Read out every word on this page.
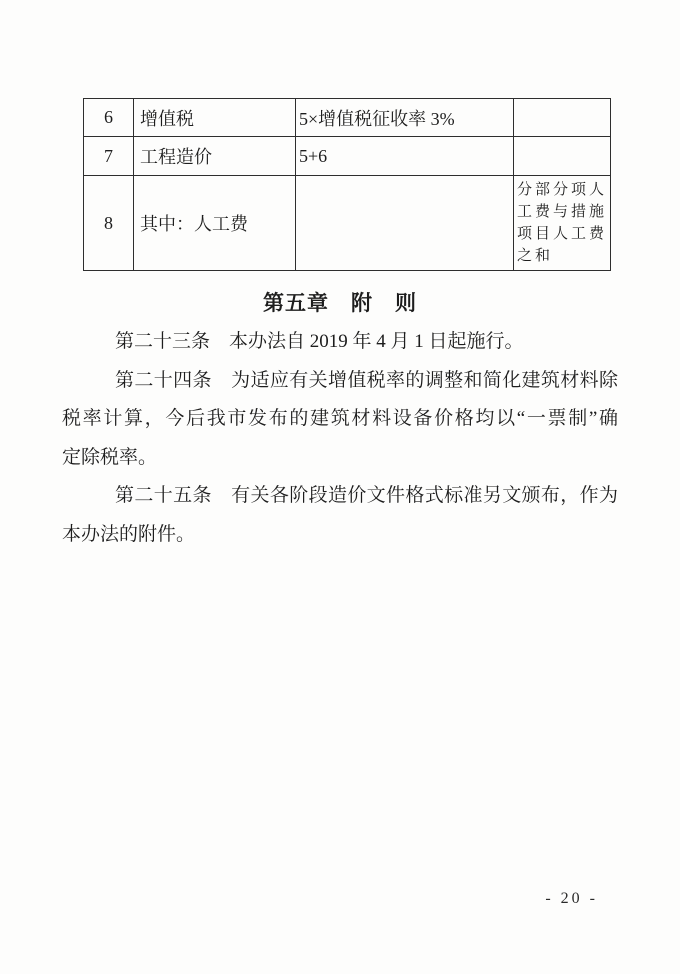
6	增值税	5×增值税征收率 3%	
7	工程造价	5+6	
8	其中：人工费		分部分项人工费与措施项目人工费之和
第五章　附　则
第二十三条　本办法自 2019 年 4 月 1 日起施行。
第二十四条　为适应有关增值税率的调整和简化建筑材料除
税率计算，今后我市发布的建筑材料设备价格均以“一票制”确
定除税率。
第二十五条　有关各阶段造价文件格式标准另文颁布，作为
本办法的附件。
- 20 -
